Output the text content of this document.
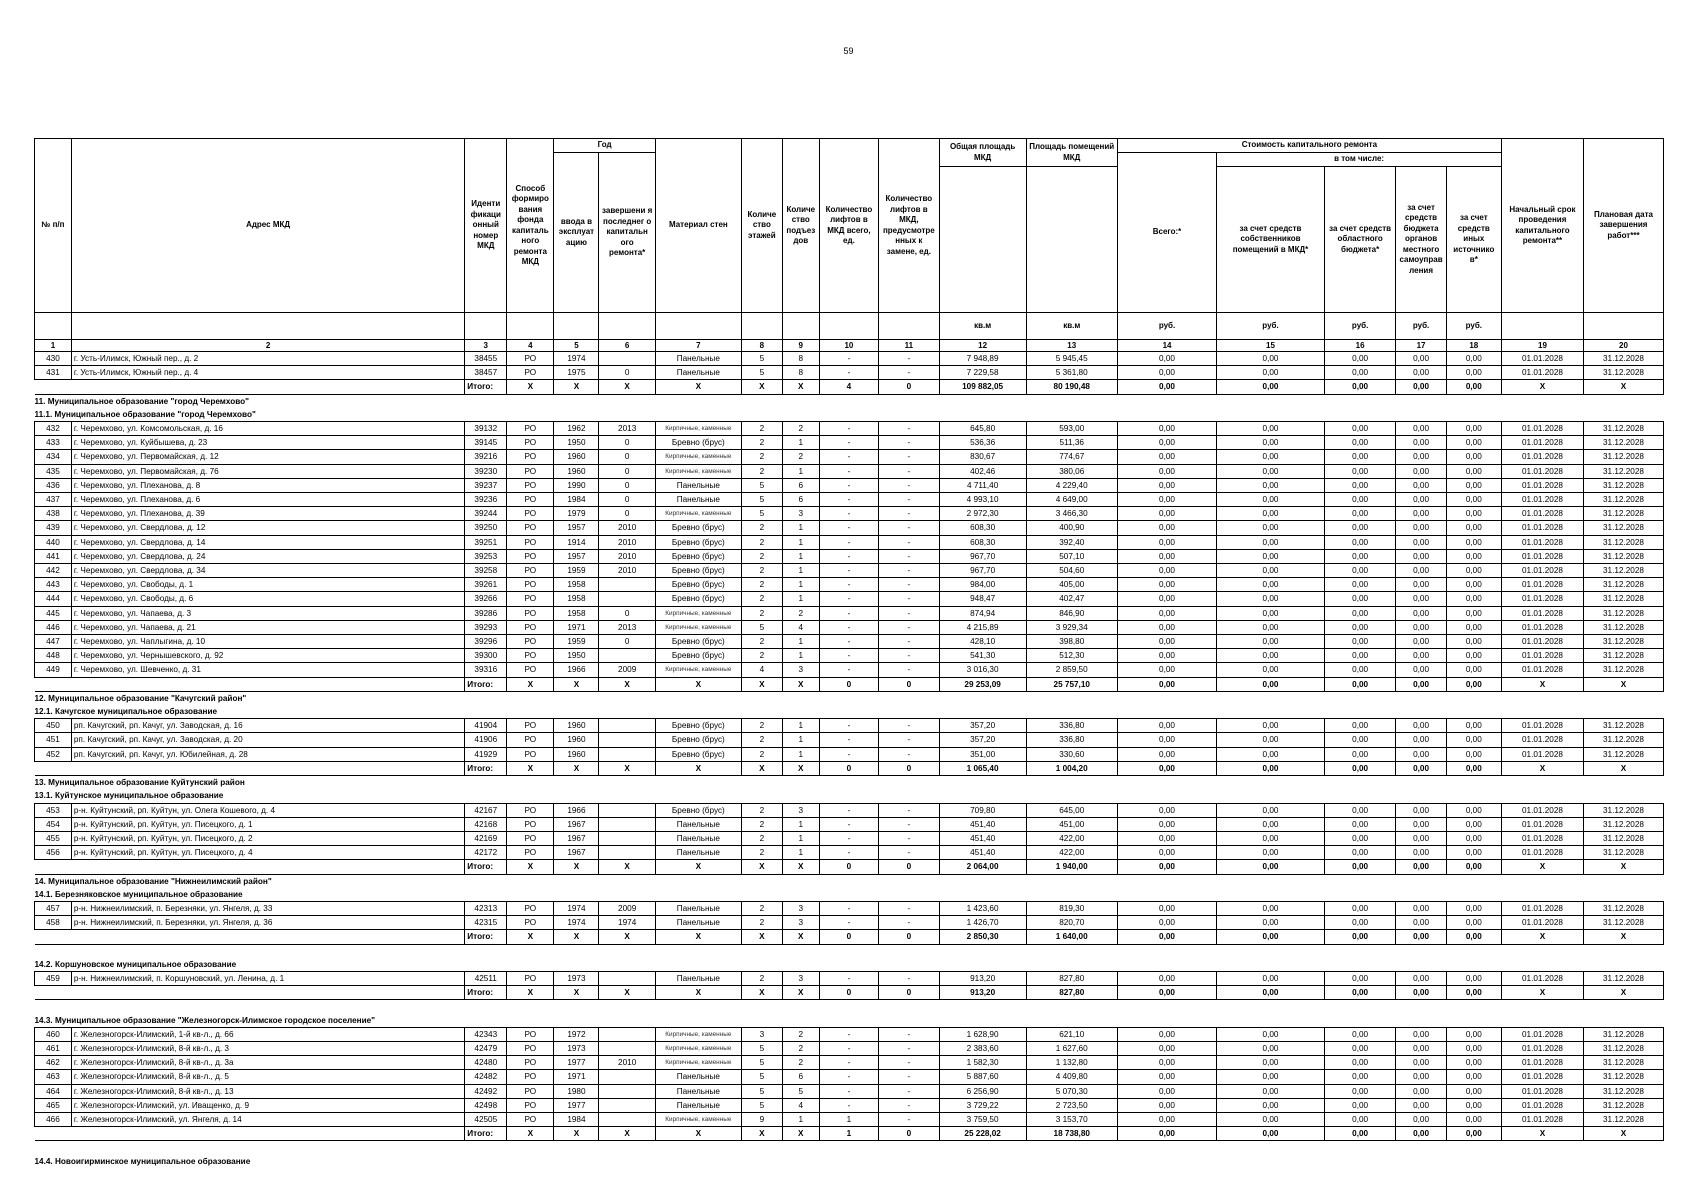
59
№ п/п	Адрес МКД	Иденти фикаци онный номер МКД	Способ формиро вания фонда капиталь ного ремонта МКД	Год		Материал стен	Количе ство этажей	Количе ство подъез дов	Количество лифтов в МКД всего, ед.	Количество лифтов в МКД, предусмотре нных к замене, ед.	Общая площадь МКД	Площадь помещений МКД	Стоимость капитального ремонта					Начальный срок проведения капитального ремонта**	Плановая дата завершения работ***
				ввода в эксплуат ацию	завершени я последнег о капитальн ого ремонта*								Всего:*	в том числе:					
														за счет средств собственников помещений в МКД*	за счет средств областного бюджета*	за счет средств бюджета органов местного самоуправ ления	за счет средств иных источнико в*		
											кв.м	кв.м	руб.	руб.	руб.	руб.	руб.		
1	2	3	4	5	6	7	8	9	10	11	12	13	14	15	16	17	18	19	20
430	г. Усть-Илимск, Южный пер., д. 2	38455	РО	1974		Панельные	5	8	-	-	7 948,89	5 945,45	0,00	0,00	0,00	0,00	0,00	01.01.2028	31.12.2028
431	г. Усть-Илимск, Южный пер., д. 4	38457	РО	1975	0	Панельные	5	8	-	-	7 229,58	5 361,80	0,00	0,00	0,00	0,00	0,00	01.01.2028	31.12.2028
		Итого:	X	X	X	X	X	X	4	0	109 882,05	80 190,48	0,00	0,00	0,00	0,00	0,00	X	X
11. Муниципальное образование "город Черемхово"																			
11.1. Муниципальное образование "город Черемхово"																			
432	г. Черемхово, ул. Комсомольская, д. 16	39132	РО	1962	2013	Кирпичные, каменные	2	2	-	-	645,80	593,00	0,00	0,00	0,00	0,00	0,00	01.01.2028	31.12.2028
433	г. Черемхово, ул. Куйбышева, д. 23	39145	РО	1950	0	Бревно (брус)	2	1	-	-	536,36	511,36	0,00	0,00	0,00	0,00	0,00	01.01.2028	31.12.2028
434	г. Черемхово, ул. Первомайская, д. 12	39216	РО	1960	0	Кирпичные, каменные	2	2	-	-	830,67	774,67	0,00	0,00	0,00	0,00	0,00	01.01.2028	31.12.2028
435	г. Черемхово, ул. Первомайская, д. 76	39230	РО	1960	0	Кирпичные, каменные	2	1	-	-	402,46	380,06	0,00	0,00	0,00	0,00	0,00	01.01.2028	31.12.2028
436	г. Черемхово, ул. Плеханова, д. 8	39237	РО	1990	0	Панельные	5	6	-	-	4 711,40	4 229,40	0,00	0,00	0,00	0,00	0,00	01.01.2028	31.12.2028
437	г. Черемхово, ул. Плеханова, д. 6	39236	РО	1984	0	Панельные	5	6	-	-	4 993,10	4 649,00	0,00	0,00	0,00	0,00	0,00	01.01.2028	31.12.2028
438	г. Черемхово, ул. Плеханова, д. 39	39244	РО	1979	0	Кирпичные, каменные	5	3	-	-	2 972,30	3 466,30	0,00	0,00	0,00	0,00	0,00	01.01.2028	31.12.2028
439	г. Черемхово, ул. Свердлова, д. 12	39250	РО	1957	2010	Бревно (брус)	2	1	-	-	608,30	400,90	0,00	0,00	0,00	0,00	0,00	01.01.2028	31.12.2028
440	г. Черемхово, ул. Свердлова, д. 14	39251	РО	1914	2010	Бревно (брус)	2	1	-	-	608,30	392,40	0,00	0,00	0,00	0,00	0,00	01.01.2028	31.12.2028
441	г. Черемхово, ул. Свердлова, д. 24	39253	РО	1957	2010	Бревно (брус)	2	1	-	-	967,70	507,10	0,00	0,00	0,00	0,00	0,00	01.01.2028	31.12.2028
442	г. Черемхово, ул. Свердлова, д. 34	39258	РО	1959	2010	Бревно (брус)	2	1	-	-	967,70	504,60	0,00	0,00	0,00	0,00	0,00	01.01.2028	31.12.2028
443	г. Черемхово, ул. Свободы, д. 1	39261	РО	1958		Бревно (брус)	2	1	-	-	984,00	405,00	0,00	0,00	0,00	0,00	0,00	01.01.2028	31.12.2028
444	г. Черемхово, ул. Свободы, д. 6	39266	РО	1958		Бревно (брус)	2	1	-	-	948,47	402,47	0,00	0,00	0,00	0,00	0,00	01.01.2028	31.12.2028
445	г. Черемхово, ул. Чапаева, д. 3	39286	РО	1958	0	Кирпичные, каменные	2	2	-	-	874,94	846,90	0,00	0,00	0,00	0,00	0,00	01.01.2028	31.12.2028
446	г. Черемхово, ул. Чапаева, д. 21	39293	РО	1971	2013	Кирпичные, каменные	5	4	-	-	4 215,89	3 929,34	0,00	0,00	0,00	0,00	0,00	01.01.2028	31.12.2028
447	г. Черемхово, ул. Чаплыгина, д. 10	39296	РО	1959	0	Бревно (брус)	2	1	-	-	428,10	398,80	0,00	0,00	0,00	0,00	0,00	01.01.2028	31.12.2028
448	г. Черемхово, ул. Чернышевского, д. 92	39300	РО	1950		Бревно (брус)	2	1	-	-	541,30	512,30	0,00	0,00	0,00	0,00	0,00	01.01.2028	31.12.2028
449	г. Черемхово, ул. Шевченко, д. 31	39316	РО	1966	2009	Кирпичные, каменные	4	3	-	-	3 016,30	2 859,50	0,00	0,00	0,00	0,00	0,00	01.01.2028	31.12.2028
		Итого:	X	X	X	X	X	X	0	0	29 253,09	25 757,10	0,00	0,00	0,00	0,00	0,00	X	X
12. Муниципальное образование "Качугский район"																			
12.1. Качугское муниципальное образование																			
450	рп. Качугский, рп. Качуг, ул. Заводская, д. 16	41904	РО	1960		Бревно (брус)	2	1	-	-	357,20	336,80	0,00	0,00	0,00	0,00	0,00	01.01.2028	31.12.2028
451	рп. Качугский, рп. Качуг, ул. Заводская, д. 20	41906	РО	1960		Бревно (брус)	2	1	-	-	357,20	336,80	0,00	0,00	0,00	0,00	0,00	01.01.2028	31.12.2028
452	рп. Качугский, рп. Качуг, ул. Юбилейная, д. 28	41929	РО	1960		Бревно (брус)	2	1	-	-	351,00	330,60	0,00	0,00	0,00	0,00	0,00	01.01.2028	31.12.2028
		Итого:	X	X	X	X	X	X	0	0	1 065,40	1 004,20	0,00	0,00	0,00	0,00	0,00	X	X
13. Муниципальное образование Куйтунский район																			
13.1. Куйтунское муниципальное образование																			
453	р-н. Куйтунский, рп. Куйтун, ул. Олега Кошевого, д. 4	42167	РО	1966		Бревно (брус)	2	3	-	-	709,80	645,00	0,00	0,00	0,00	0,00	0,00	01.01.2028	31.12.2028
454	р-н. Куйтунский, рп. Куйтун, ул. Писецкого, д. 1	42168	РО	1967		Панельные	2	1	-	-	451,40	451,00	0,00	0,00	0,00	0,00	0,00	01.01.2028	31.12.2028
455	р-н. Куйтунский, рп. Куйтун, ул. Писецкого, д. 2	42169	РО	1967		Панельные	2	1	-	-	451,40	422,00	0,00	0,00	0,00	0,00	0,00	01.01.2028	31.12.2028
456	р-н. Куйтунский, рп. Куйтун, ул. Писецкого, д. 4	42172	РО	1967		Панельные	2	1	-	-	451,40	422,00	0,00	0,00	0,00	0,00	0,00	01.01.2028	31.12.2028
		Итого:	X	X	X	X	X	X	0	0	2 064,00	1 940,00	0,00	0,00	0,00	0,00	0,00	X	X
14. Муниципальное образование "Нижнеилимский район"																			
14.1. Березняковское муниципальное образование																			
457	р-н. Нижнеилимский, п. Березняки, ул. Янгеля, д. 33	42313	РО	1974	2009	Панельные	2	3	-	-	1 423,60	819,30	0,00	0,00	0,00	0,00	0,00	01.01.2028	31.12.2028
458	р-н. Нижнеилимский, п. Березняки, ул. Янгеля, д. 36	42315	РО	1974	1974	Панельные	2	3	-	-	1 426,70	820,70	0,00	0,00	0,00	0,00	0,00	01.01.2028	31.12.2028
		Итого:	X	X	X	X	X	X	0	0	2 850,30	1 640,00	0,00	0,00	0,00	0,00	0,00	X	X

14.2. Коршуновское муниципальное образование																			
459	р-н. Нижнеилимский, п. Коршуновский, ул. Ленина, д. 1	42511	РО	1973		Панельные	2	3	-	-	913,20	827,80	0,00	0,00	0,00	0,00	0,00	01.01.2028	31.12.2028
		Итого:	X	X	X	X	X	X	0	0	913,20	827,80	0,00	0,00	0,00	0,00	0,00	X	X

14.3. Муниципальное образование "Железногорск-Илимское городское поселение"																			
460	г. Железногорск-Илимский, 1-й кв-л., д. 66	42343	РО	1972		Кирпичные, каменные	3	2	-	-	1 628,90	621,10	0,00	0,00	0,00	0,00	0,00	01.01.2028	31.12.2028
461	г. Железногорск-Илимский, 8-й кв-л., д. 3	42479	РО	1973		Кирпичные, каменные	5	2	-	-	2 383,60	1 627,60	0,00	0,00	0,00	0,00	0,00	01.01.2028	31.12.2028
462	г. Железногорск-Илимский, 8-й кв-л., д. 3а	42480	РО	1977	2010	Кирпичные, каменные	5	2	-	-	1 582,30	1 132,80	0,00	0,00	0,00	0,00	0,00	01.01.2028	31.12.2028
463	г. Железногорск-Илимский, 8-й кв-л., д. 5	42482	РО	1971		Панельные	5	6	-	-	5 887,60	4 409,80	0,00	0,00	0,00	0,00	0,00	01.01.2028	31.12.2028
464	г. Железногорск-Илимский, 8-й кв-л., д. 13	42492	РО	1980		Панельные	5	5	-	-	6 256,90	5 070,30	0,00	0,00	0,00	0,00	0,00	01.01.2028	31.12.2028
465	г. Железногорск-Илимский, ул. Иващенко, д. 9	42498	РО	1977		Панельные	5	4	-	-	3 729,22	2 723,50	0,00	0,00	0,00	0,00	0,00	01.01.2028	31.12.2028
466	г. Железногорск-Илимский, ул. Янгеля, д. 14	42505	РО	1984		Кирпичные, каменные	9	1	1	-	3 759,50	3 153,70	0,00	0,00	0,00	0,00	0,00	01.01.2028	31.12.2028
		Итого:	X	X	X	X	X	X	1	0	25 228,02	18 738,80	0,00	0,00	0,00	0,00	0,00	X	X

14.4. Новоигирминское муниципальное образование																			
